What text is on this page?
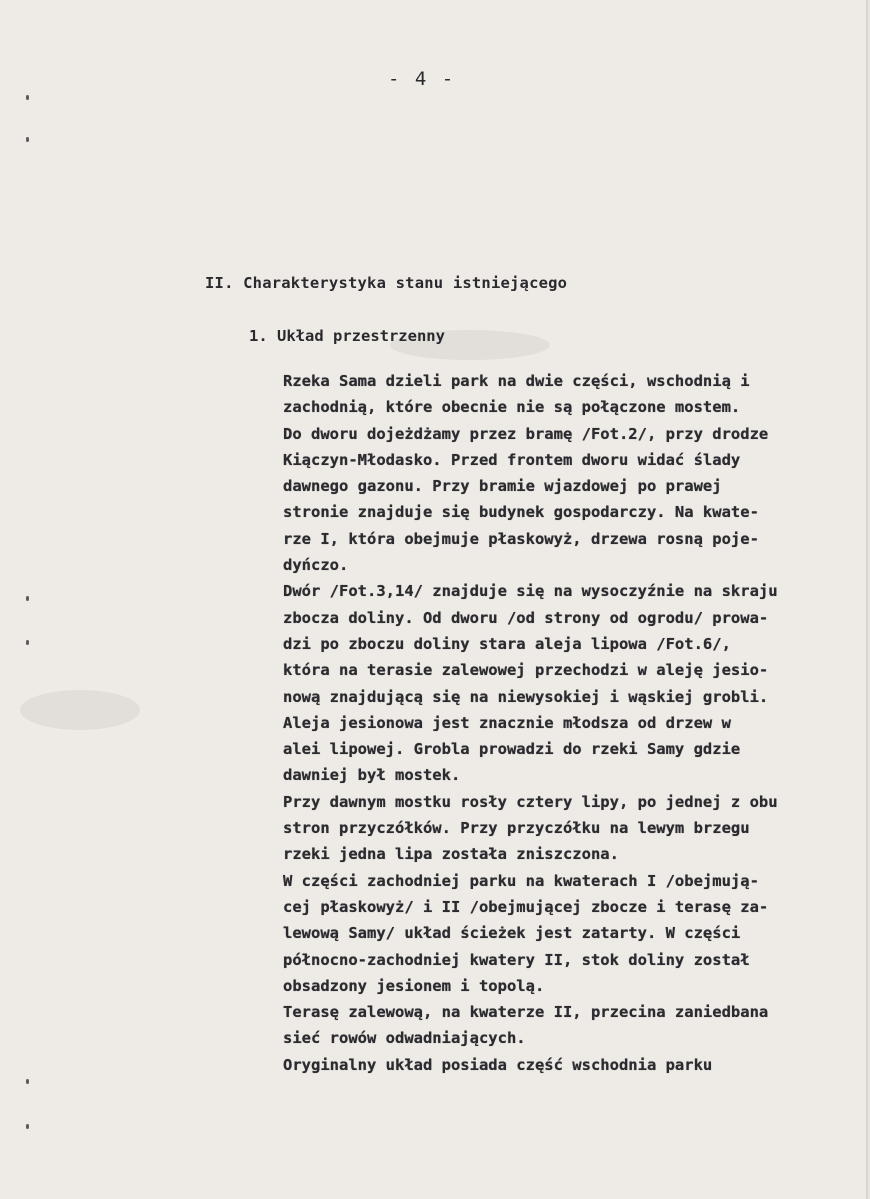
- 4 -
II. Charakterystyka stanu istniejącego
1. Układ przestrzenny
Rzeka Sama dzieli park na dwie części, wschodnią i
zachodnią, które obecnie nie są połączone mostem.
Do dworu dojeżdżamy przez bramę /Fot.2/, przy drodze
Kiączyn-Młodasko. Przed frontem dworu widać ślady
dawnego gazonu. Przy bramie wjazdowej po prawej
stronie znajduje się budynek gospodarczy. Na kwate-
rze I, która obejmuje płaskowyż, drzewa rosną poje-
dyńczo.
Dwór /Fot.3,14/ znajduje się na wysoczyźnie na skraju
zbocza doliny. Od dworu /od strony od ogrodu/ prowa-
dzi po zboczu doliny stara aleja lipowa /Fot.6/,
która na terasie zalewowej przechodzi w aleję jesio-
nową znajdującą się na niewysokiej i wąskiej grobli.
Aleja jesionowa jest znacznie młodsza od drzew w
alei lipowej. Grobla prowadzi do rzeki Samy gdzie
dawniej był mostek.
Przy dawnym mostku rosły cztery lipy, po jednej z obu
stron przyczółków. Przy przyczółku na lewym brzegu
rzeki jedna lipa została zniszczona.
W części zachodniej parku na kwaterach I /obejmują-
cej płaskowyż/ i II /obejmującej zbocze i terasę za-
lewową Samy/ układ ścieżek jest zatarty. W części
północno-zachodniej kwatery II, stok doliny został
obsadzony jesionem i topolą.
Terasę zalewową, na kwaterze II, przecina zaniedbana
sieć rowów odwadniających.
Oryginalny układ posiada część wschodnia parku
